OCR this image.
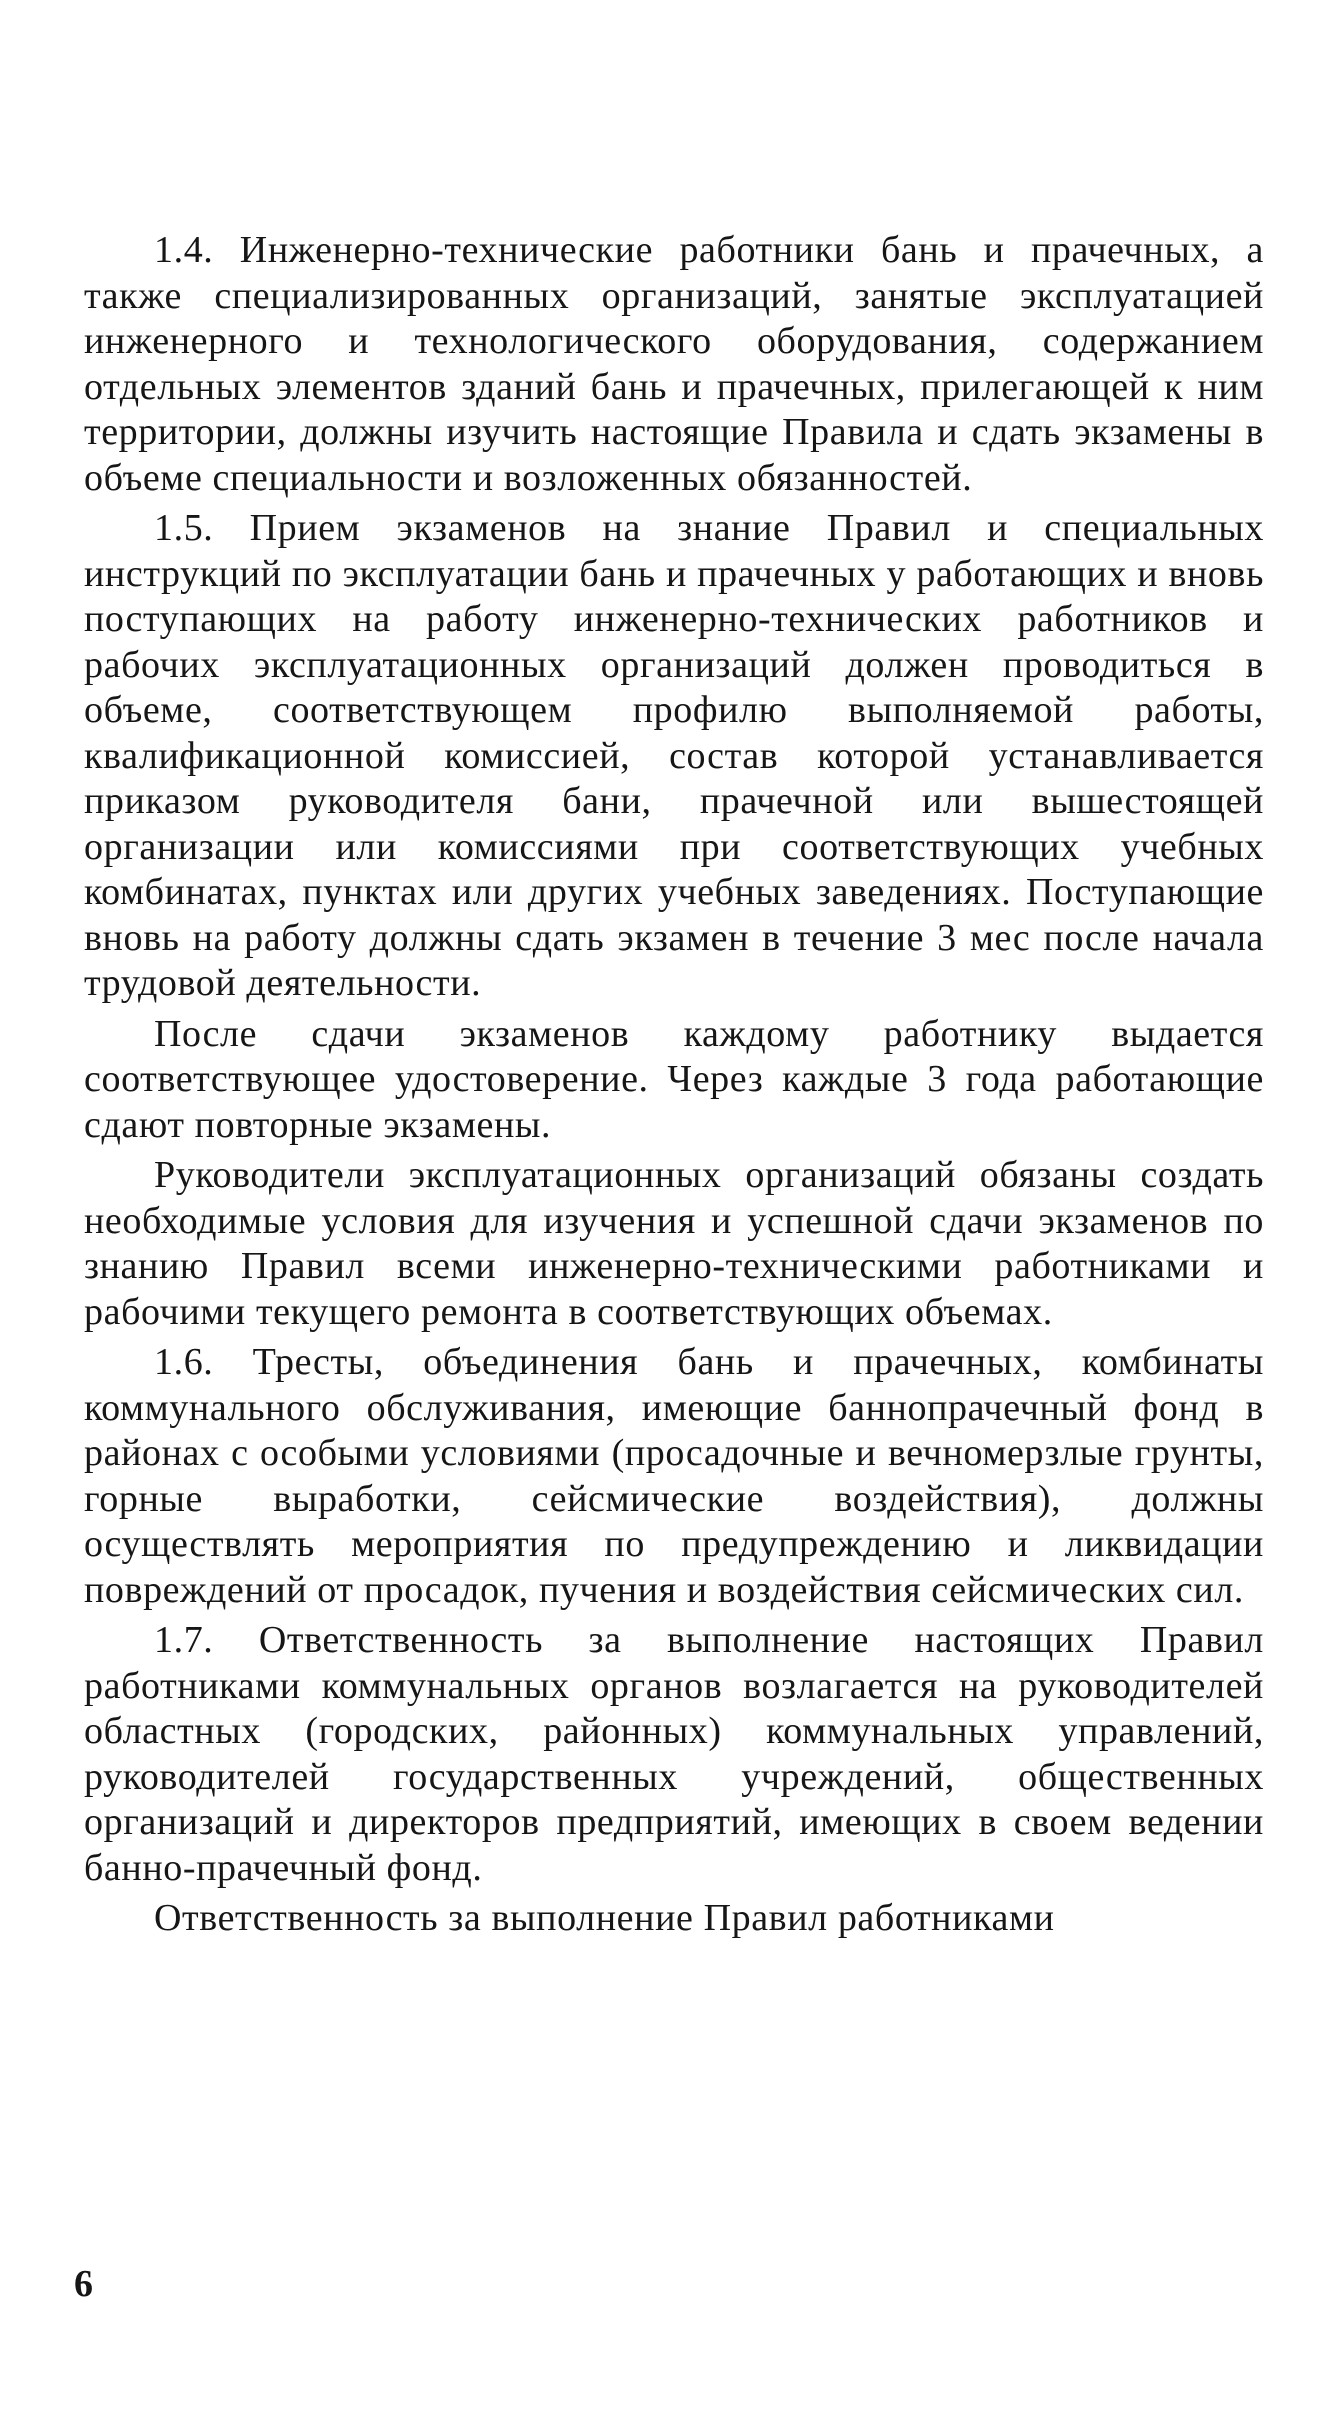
1.4. Инженерно-технические работники бань и прачечных, а также специализированных организаций, занятые эксплуатацией инженерного и технологического оборудования, содержанием отдельных элементов зданий бань и прачечных, прилегающей к ним территории, должны изучить настоящие Правила и сдать экзамены в объеме специальности и возложенных обязанностей.

1.5. Прием экзаменов на знание Правил и специальных инструкций по эксплуатации бань и прачечных у работающих и вновь поступающих на работу инженерно-технических работников и рабочих эксплуатационных организаций должен проводиться в объеме, соответствующем профилю выполняемой работы, квалификационной комиссией, состав которой устанавливается приказом руководителя бани, прачечной или вышестоящей организации или комиссиями при соответствующих учебных комбинатах, пунктах или других учебных заведениях. Поступающие вновь на работу должны сдать экзамен в течение 3 мес после начала трудовой деятельности.

После сдачи экзаменов каждому работнику выдается соответствующее удостоверение. Через каждые 3 года работающие сдают повторные экзамены.

Руководители эксплуатационных организаций обязаны создать необходимые условия для изучения и успешной сдачи экзаменов по знанию Правил всеми инженерно-техническими работниками и рабочими текущего ремонта в соответствующих объемах.

1.6. Тресты, объединения бань и прачечных, комбинаты коммунального обслуживания, имеющие баннопрачечный фонд в районах с особыми условиями (просадочные и вечномерзлые грунты, горные выработки, сейсмические воздействия), должны осуществлять мероприятия по предупреждению и ликвидации повреждений от просадок, пучения и воздействия сейсмических сил.

1.7. Ответственность за выполнение настоящих Правил работниками коммунальных органов возлагается на руководителей областных (городских, районных) коммунальных управлений, руководителей государственных учреждений, общественных организаций и директоров предприятий, имеющих в своем ведении банно-прачечный фонд.

Ответственность за выполнение Правил работниками

6
